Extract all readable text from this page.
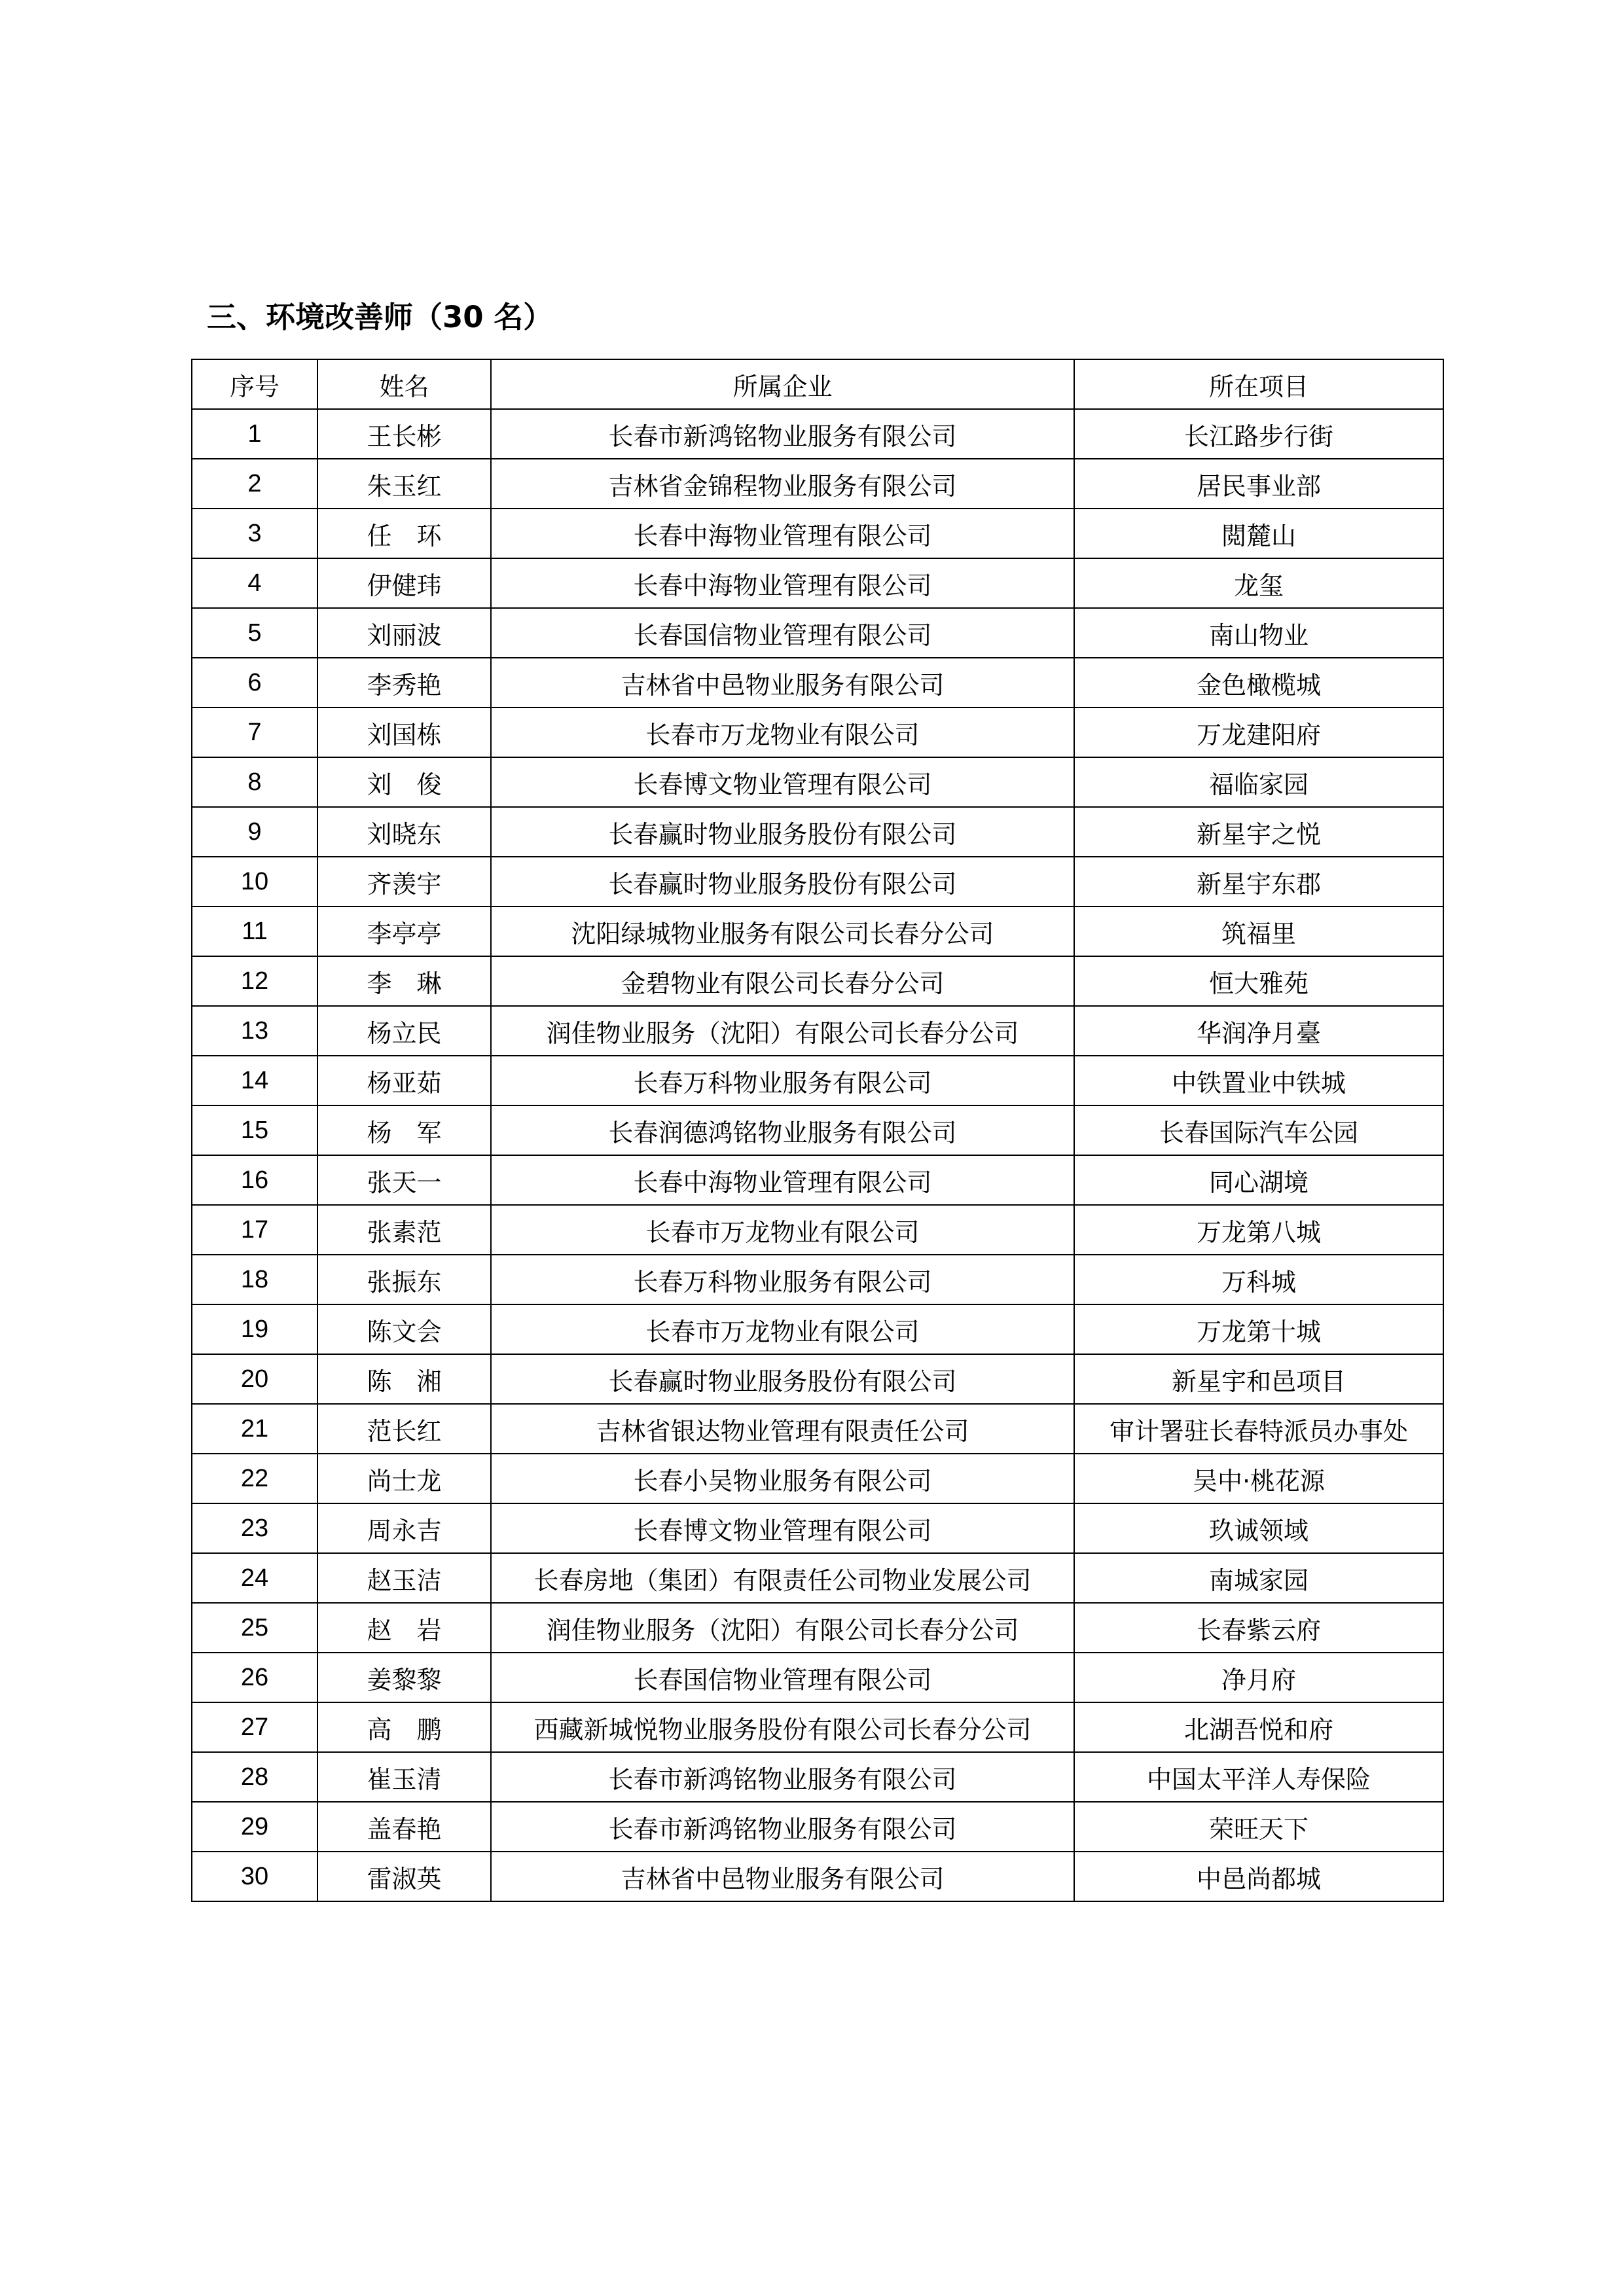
三、环境改善师（30 名）
序号	姓名	所属企业	所在项目
1	王长彬	长春市新鸿铭物业服务有限公司	长江路步行街
2	朱玉红	吉林省金锦程物业服务有限公司	居民事业部
3	任　环	长春中海物业管理有限公司	閲麓山
4	伊健玮	长春中海物业管理有限公司	龙玺
5	刘丽波	长春国信物业管理有限公司	南山物业
6	李秀艳	吉林省中邑物业服务有限公司	金色橄榄城
7	刘国栋	长春市万龙物业有限公司	万龙建阳府
8	刘　俊	长春博文物业管理有限公司	福临家园
9	刘晓东	长春赢时物业服务股份有限公司	新星宇之悦
10	齐羡宇	长春赢时物业服务股份有限公司	新星宇东郡
11	李亭亭	沈阳绿城物业服务有限公司长春分公司	筑福里
12	李　琳	金碧物业有限公司长春分公司	恒大雅苑
13	杨立民	润佳物业服务（沈阳）有限公司长春分公司	华润净月臺
14	杨亚茹	长春万科物业服务有限公司	中铁置业中铁城
15	杨　军	长春润德鸿铭物业服务有限公司	长春国际汽车公园
16	张天一	长春中海物业管理有限公司	同心湖境
17	张素范	长春市万龙物业有限公司	万龙第八城
18	张振东	长春万科物业服务有限公司	万科城
19	陈文会	长春市万龙物业有限公司	万龙第十城
20	陈　湘	长春赢时物业服务股份有限公司	新星宇和邑项目
21	范长红	吉林省银达物业管理有限责任公司	审计署驻长春特派员办事处
22	尚士龙	长春小吴物业服务有限公司	吴中·桃花源
23	周永吉	长春博文物业管理有限公司	玖诚领域
24	赵玉洁	长春房地（集团）有限责任公司物业发展公司	南城家园
25	赵　岩	润佳物业服务（沈阳）有限公司长春分公司	长春紫云府
26	姜黎黎	长春国信物业管理有限公司	净月府
27	高　鹏	西藏新城悦物业服务股份有限公司长春分公司	北湖吾悦和府
28	崔玉清	长春市新鸿铭物业服务有限公司	中国太平洋人寿保险
29	盖春艳	长春市新鸿铭物业服务有限公司	荣旺天下
30	雷淑英	吉林省中邑物业服务有限公司	中邑尚都城
